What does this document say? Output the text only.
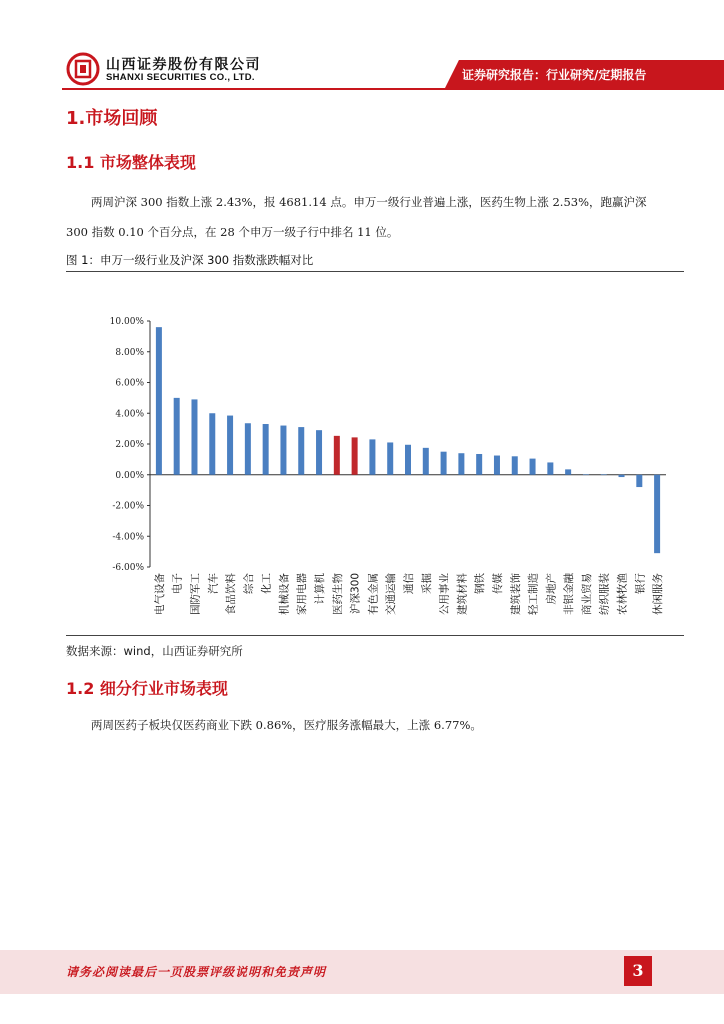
山西证券股份有限公司
SHANXI SECURITIES CO., LTD.	证券研究报告：行业研究/定期报告
1.市场回顾
1.1 市场整体表现

两周沪深 300 指数上涨 2.43%，报 4681.14 点。申万一级行业普遍上涨，医药生物上涨 2.53%，跑赢沪深 300 指数 0.10 个百分点，在 28 个申万一级子行中排名 11 位。

图 1：申万一级行业及沪深 300 指数涨跌幅对比
10.00%
8.00%
6.00%
4.00%
2.00%
0.00%
-2.00%
-4.00%
-6.00%
电气设备 电子 国防军工 汽车 食品饮料 综合 化工 机械设备 家用电器 计算机 医药生物 沪深300 有色金属 交通运输 通信 采掘 公用事业 建筑材料 钢铁 传媒 建筑装饰 轻工制造 房地产 非银金融 商业贸易 纺织服装 农林牧渔 银行 休闲服务
数据来源：wind，山西证券研究所
1.2 细分行业市场表现

两周医药子板块仅医药商业下跌 0.86%，医疗服务涨幅最大，上涨 6.77%。

请务必阅读最后一页股票评级说明和免责声明	3
